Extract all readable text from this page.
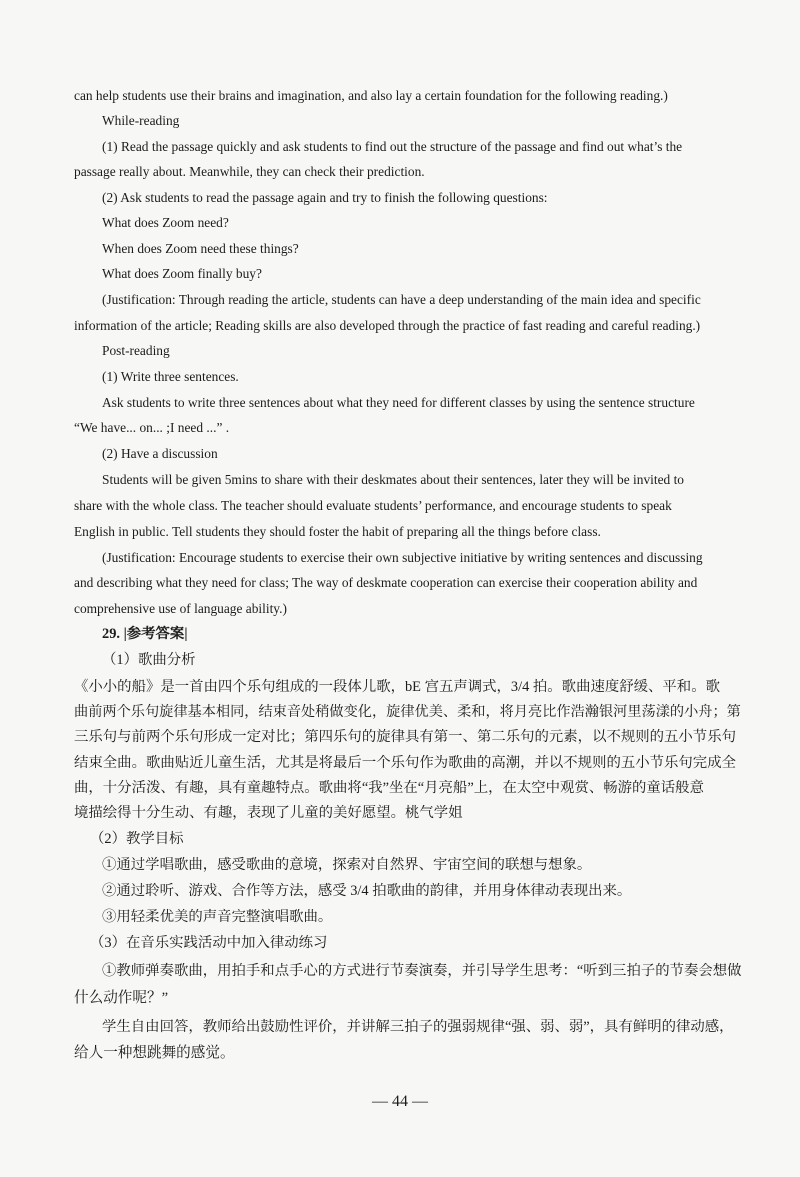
can help students use their brains and imagination, and also lay a certain foundation for the following reading.)
While-reading
(1) Read the passage quickly and ask students to find out the structure of the passage and find out what’s the
passage really about. Meanwhile, they can check their prediction.
(2) Ask students to read the passage again and try to finish the following questions:
What does Zoom need?
When does Zoom need these things?
What does Zoom finally buy?
(Justification: Through reading the article, students can have a deep understanding of the main idea and specific
information of the article; Reading skills are also developed through the practice of fast reading and careful reading.)
Post-reading
(1) Write three sentences.
Ask students to write three sentences about what they need for different classes by using the sentence structure
“We have... on... ;I need ...” .
(2) Have a discussion
Students will be given 5mins to share with their deskmates about their sentences, later they will be invited to
share with the whole class. The teacher should evaluate students’ performance, and encourage students to speak
English in public. Tell students they should foster the habit of preparing all the things before class.
(Justification: Encourage students to exercise their own subjective initiative by writing sentences and discussing
and describing what they need for class; The way of deskmate cooperation can exercise their cooperation ability and
comprehensive use of language ability.)
29. |参考答案|
（1）歌曲分析
《小小的船》是一首由四个乐句组成的一段体儿歌，bE 宫五声调式，3/4 拍。歌曲速度舒缓、平和。歌
曲前两个乐句旋律基本相同，结束音处稍做变化，旋律优美、柔和，将月亮比作浩瀚银河里荡漾的小舟；第
三乐句与前两个乐句形成一定对比；第四乐句的旋律具有第一、第二乐句的元素，以不规则的五小节乐句
结束全曲。歌曲贴近儿童生活，尤其是将最后一个乐句作为歌曲的高潮，并以不规则的五小节乐句完成全
曲，十分活泼、有趣，具有童趣特点。歌曲将“我”坐在“月亮船”上，在太空中观赏、畅游的童话般意
境描绘得十分生动、有趣，表现了儿童的美好愿望。桃气学姐
（2）教学目标
①通过学唱歌曲，感受歌曲的意境，探索对自然界、宇宙空间的联想与想象。
②通过聆听、游戏、合作等方法，感受 3/4 拍歌曲的韵律，并用身体律动表现出来。
③用轻柔优美的声音完整演唱歌曲。
（3）在音乐实践活动中加入律动练习
①教师弹奏歌曲，用拍手和点手心的方式进行节奏演奏，并引导学生思考：“听到三拍子的节奏会想做
什么动作呢？”
学生自由回答，教师给出鼓励性评价，并讲解三拍子的强弱规律“强、弱、弱”，具有鲜明的律动感，
给人一种想跳舞的感觉。
— 44 —
